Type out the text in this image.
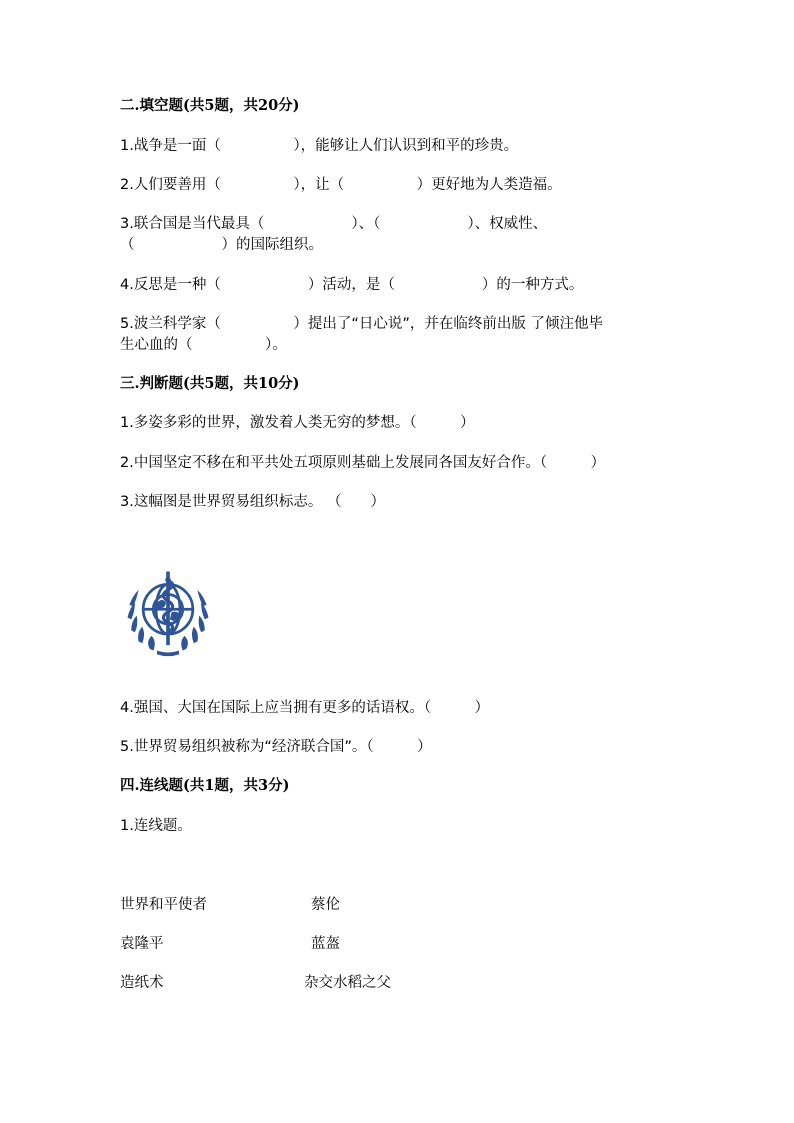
二.填空题(共5题，共20分)
1.战争是一面（　　　　　），能够让人们认识到和平的珍贵。
2.人们要善用（　　　　　），让（　　　　　）更好地为人类造福。
3.联合国是当代最具（　　　　　　）、（　　　　　　）、权威性、
（　　　　　　）的国际组织。
4.反思是一种（　　　　　　）活动，是（　　　　　　）的一种方式。
5.波兰科学家（　　　　　）提出了“日心说”，并在临终前出版 了倾注他毕
生心血的（　　　　　）。
三.判断题(共5题，共10分)
1.多姿多彩的世界，激发着人类无穷的梦想。（　　　）
2.中国坚定不移在和平共处五项原则基础上发展同各国友好合作。（　　　）
3.这幅图是世界贸易组织标志。 （　　）
4.强国、大国在国际上应当拥有更多的话语权。（　　　）
5.世界贸易组织被称为“经济联合国”。（　　　）
四.连线题(共1题，共3分)
1.连线题。
世界和平使者	蔡伦
袁隆平	蓝盔
造纸术	杂交水稻之父
